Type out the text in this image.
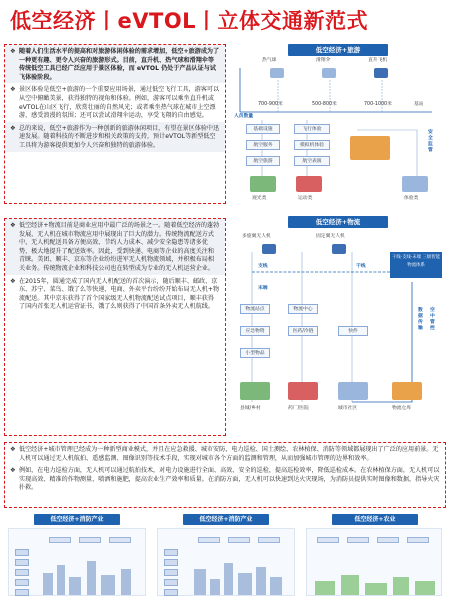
低空经济丨eVTOL丨立体交通新范式
❖ 随着人们生活水平的提高和对旅游体闲体验的需求增加，低空+旅游成为了一种更有趣、更令人兴奋的旅游形式。目前，直升机、热气球和滑翔伞等传统低空工具已经广泛应用于景区体验，而 eVTOL 仍处于产品认证与试飞体验阶段。
❖ 景区体验是低空+旅游的一个重要应用场景，通过低空飞行工具，游客可以从空中俯瞰美景，获得独特的视角和体验。例如，游客可以乘坐直升机或eVTOL在山区飞行，欣赏壮丽的自然风光；或者乘坐热气球在城市上空漂游，感受浪漫的氛围；还可以尝试滑翔伞运动，享受飞翔的自由感觉。
❖ 总的来说，低空+旅游作为一种创新的旅游休闲项目，有望在景区体验中迅速发展。随着科技的不断进步和相关政策的支持，预计eVTOL等新型低空工具将为游客提供更加令人兴奋和独特的旅游体验。
低空经济+旅游
热气球	滑翔伞	直升飞机
700-900米	500-800米	700-1000米
人员数量
基站
基础设施
航空服务
航空旅游
飞行体验
模拟机体验
航空表演
安全监管
观光类	运动类	体验类
❖ 低空经济+物流目前是商业应用中最广泛的场景之一。随着低空经济的蓬勃发展，无人机在城市物流应用中展现出了巨大的潜力。传统物流配送方式中，无人机配送具备方便高效、节约人力成本、减少安全隐患等诸多优势，极大地提升了配送效率。因此，受到快递、电商等企业的高度关注和青睐。美团、顺丰、京东等企业纷纷进军无人机物流领域，并积极布局相关业务。传统物流企业和科技公司也在转型成为专业的无人机运营企业。
❖ 在2015年，圆通完成了国内无人机配送的首次演示，随后顺丰、邮政、京东、苏宁、菜鸟、饿了么等快递、电商、外卖平台纷纷开始布局无人机+物流配送。其中京东获得了首个国家级无人机物流配送试点项目，顺丰获得了国内首张无人机运营证书，饿了么则获得了中国首条外卖无人机航线。
低空经济+物流
多旋翼无人机	固定翼无人机
支线
末端
干线
干线·支线·末端 三级智能物流体系
物流站点
应急物资
小型物品
物流中心
医药/冷链	快件
数据传输
空中管控
县城/乡村	药厂/医院	城市社区	物流仓库
❖ 低空经济+城市管理已经成为一种新型商业模式，并且在应急救援、城市安防、电力巡检、国土测绘、农林植保、消防等领域都展现出了广泛的应用前景。无人机可以通过无人机航拍、遥感监测、图像识别等技术手段，实现对城市各个方面的监测和管理，从而加强城市管理的边界和效率。
❖ 例如，在电力巡检方面，无人机可以通过航拍技术，对电力设施进行全面、高效、安全的巡检，提高巡检效率，降低巡检成本。在农林植保方面，无人机可以实现高效、精准的作物测量、喷洒和施肥，提高农业生产效率和质量。在消防方面，无人机可以快速到达火灾现场，为消防员提供实时图像和数据，指导火灾扑救。
低空经济+消防产业	低空经济+消防产业	低空经济+农业
